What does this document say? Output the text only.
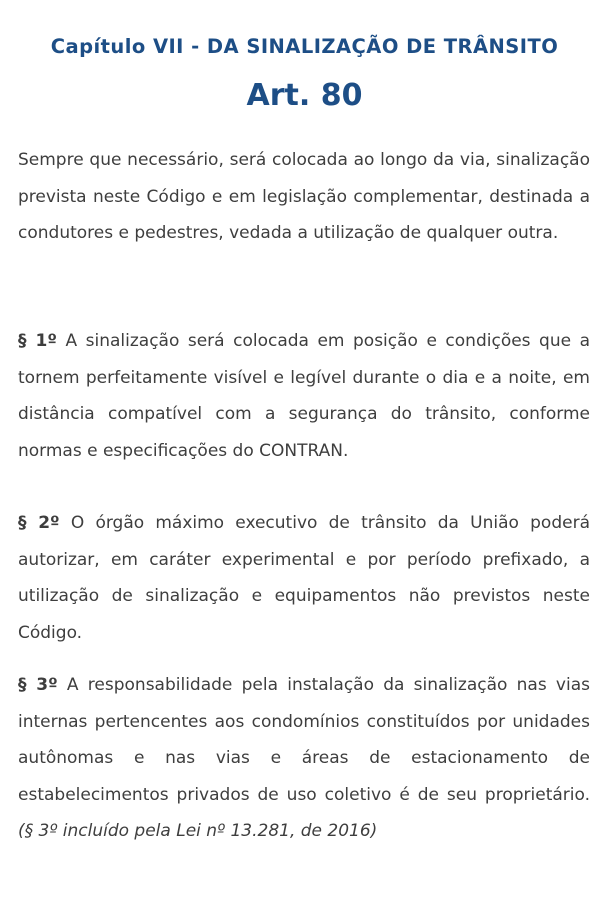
Capítulo VII - DA SINALIZAÇÃO DE TRÂNSITO
Art. 80

Sempre que necessário, será colocada ao longo da via, sinalização prevista neste Código e em legislação complementar, destinada a condutores e pedestres, vedada a utilização de qualquer outra.

§ 1º A sinalização será colocada em posição e condições que a tornem perfeitamente visível e legível durante o dia e a noite, em distância compatível com a segurança do trânsito, conforme normas e especificações do CONTRAN.

§ 2º O órgão máximo executivo de trânsito da União poderá autorizar, em caráter experimental e por período prefixado, a utilização de sinalização e equipamentos não previstos neste Código.

§ 3º A responsabilidade pela instalação da sinalização nas vias internas pertencentes aos condomínios constituídos por unidades autônomas e nas vias e áreas de estacionamento de estabelecimentos privados de uso coletivo é de seu proprietário. (§ 3º incluído pela Lei nº 13.281, de 2016)
